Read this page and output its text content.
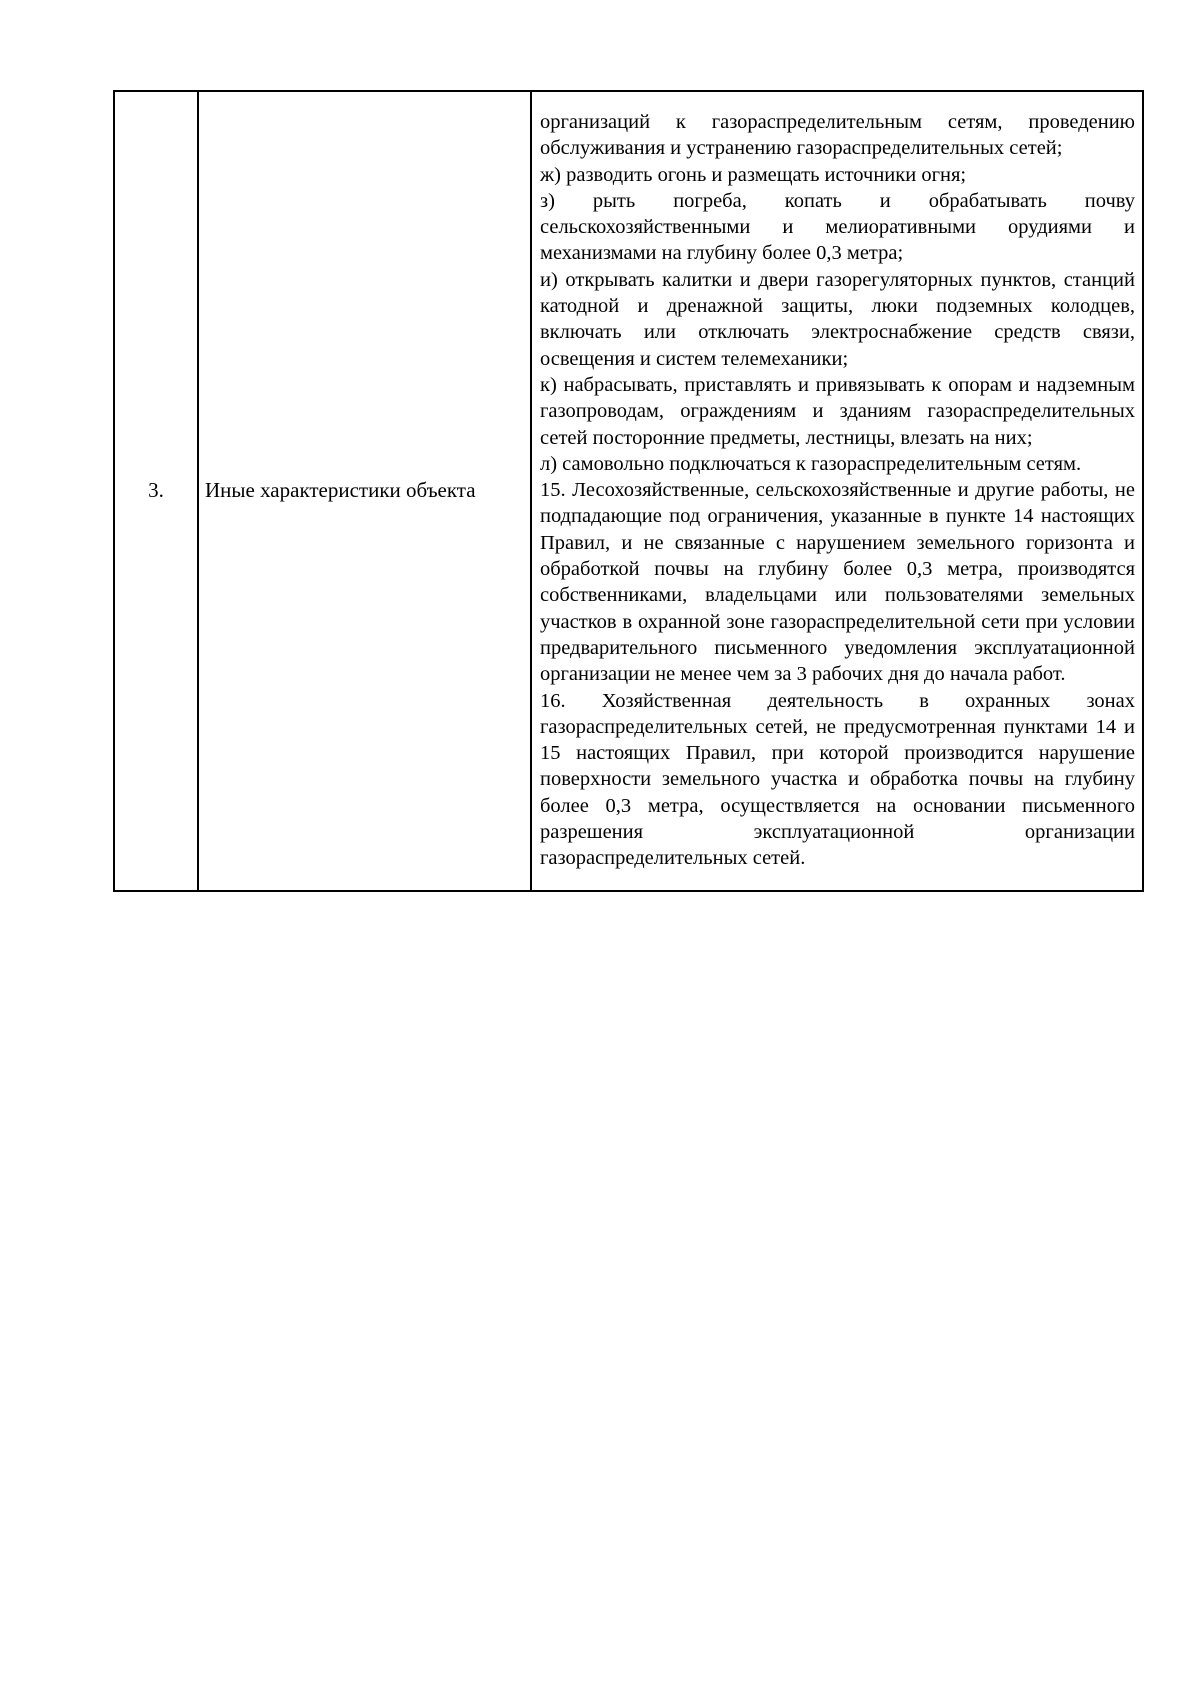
3.	Иные характеристики объекта	

организаций к газораспределительным сетям, проведению обслуживания и устранению газораспределительных сетей;

ж) разводить огонь и размещать источники огня;

з) рыть погреба, копать и обрабатывать почву сельскохозяйственными и мелиоративными орудиями и механизмами на глубину более 0,3 метра;

и) открывать калитки и двери газорегуляторных пунктов, станций катодной и дренажной защиты, люки подземных колодцев, включать или отключать электроснабжение средств связи, освещения и систем телемеханики;

к) набрасывать, приставлять и привязывать к опорам и надземным газопроводам, ограждениям и зданиям газораспределительных сетей посторонние предметы, лестницы, влезать на них;

л) самовольно подключаться к газораспределительным сетям.

15. Лесохозяйственные, сельскохозяйственные и другие работы, не подпадающие под ограничения, указанные в пункте 14 настоящих Правил, и не связанные с нарушением земельного горизонта и обработкой почвы на глубину более 0,3 метра, производятся собственниками, владельцами или пользователями земельных участков в охранной зоне газораспределительной сети при условии предварительного письменного уведомления эксплуатационной организации не менее чем за 3 рабочих дня до начала работ.

16. Хозяйственная деятельность в охранных зонах газораспределительных сетей, не предусмотренная пунктами 14 и 15 настоящих Правил, при которой производится нарушение поверхности земельного участка и обработка почвы на глубину более 0,3 метра, осуществляется на основании письменного разрешения эксплуатационной организации газораспределительных сетей.
